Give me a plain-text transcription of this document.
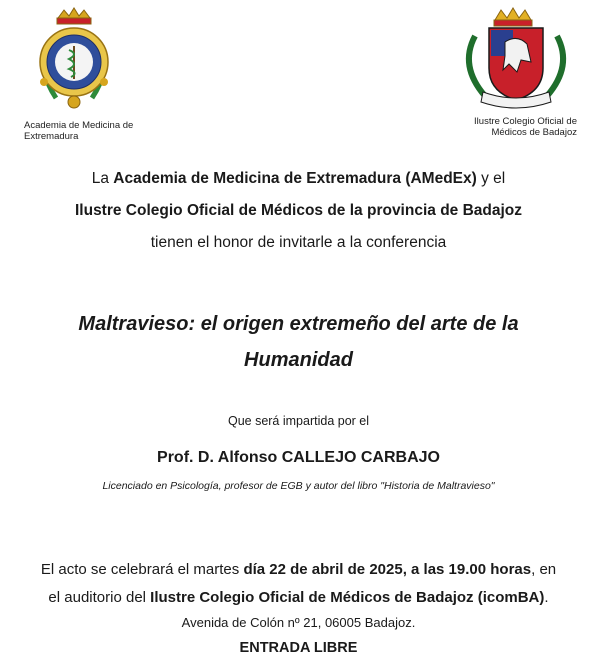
Academia de Medicina de
Extremadura
Ilustre Colegio Oficial de
Médicos de Badajoz
La Academia de Medicina de Extremadura (AMedEx) y el
Ilustre Colegio Oficial de Médicos de la provincia de Badajoz
tienen el honor de invitarle a la conferencia
Maltravieso: el origen extremeño del arte de la
Humanidad
Que será impartida por el
Prof. D. Alfonso CALLEJO CARBAJO
Licenciado en Psicología, profesor de EGB y autor del libro "Historia de Maltravieso"
El acto se celebrará el martes día 22 de abril de 2025, a las 19.00 horas, en
el auditorio del Ilustre Colegio Oficial de Médicos de Badajoz (icomBA).
Avenida de Colón nº 21, 06005 Badajoz.
ENTRADA LIBRE
